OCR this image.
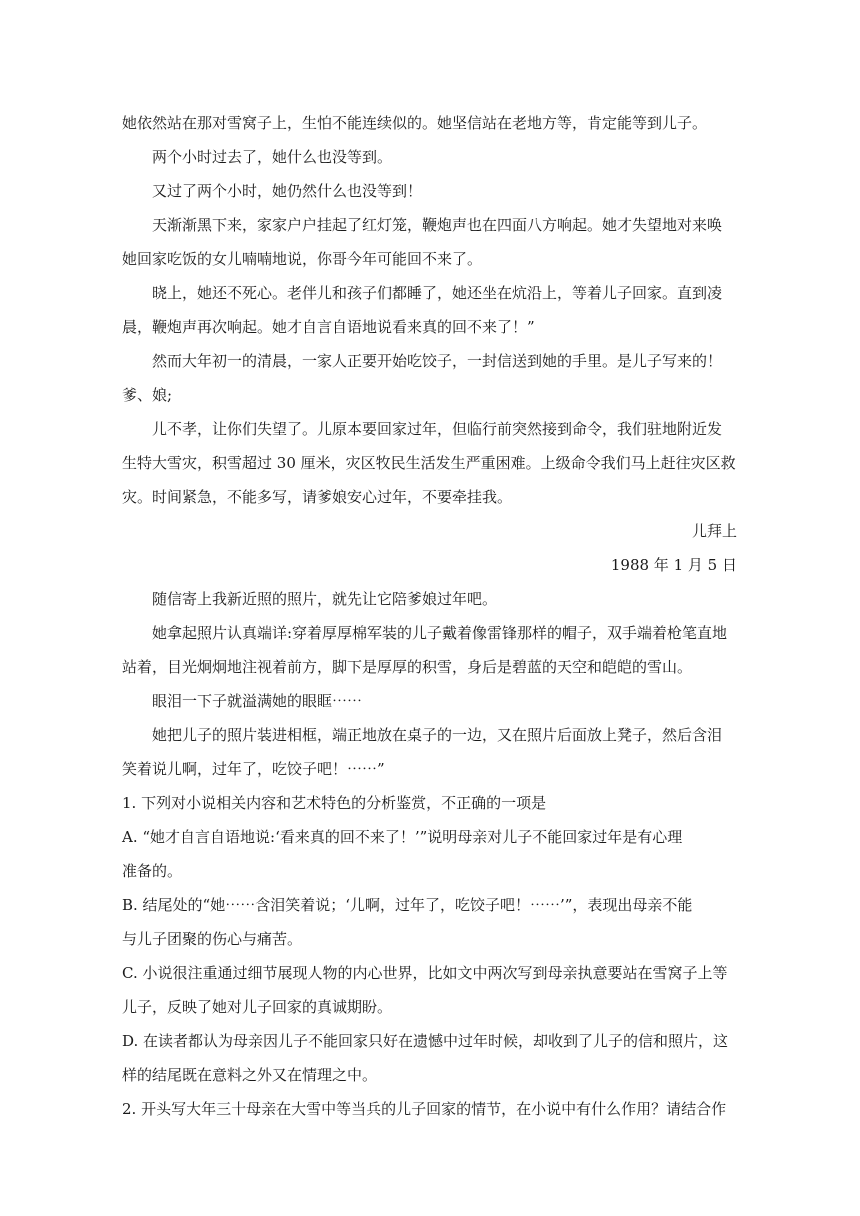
她依然站在那对雪窝子上，生怕不能连续似的。她坚信站在老地方等，肯定能等到儿子。
两个小时过去了，她什么也没等到。
又过了两个小时，她仍然什么也没等到！
天渐渐黑下来，家家户户挂起了红灯笼，鞭炮声也在四面八方响起。她才失望地对来唤
她回家吃饭的女儿喃喃地说，你哥今年可能回不来了。
晓上，她还不死心。老伴儿和孩子们都睡了，她还坐在炕沿上，等着儿子回家。直到凌
晨，鞭炮声再次响起。她才自言自语地说看来真的回不来了！”
然而大年初一的清晨，一家人正要开始吃饺子，一封信送到她的手里。是儿子写来的！
爹、娘;
儿不孝，让你们失望了。儿原本要回家过年，但临行前突然接到命令，我们驻地附近发
生特大雪灾，积雪超过 30 厘米，灾区牧民生活发生严重困难。上级命令我们马上赶往灾区救
灾。时间紧急，不能多写，请爹娘安心过年，不要牵挂我。
儿拜上
1988 年 1 月 5 日
随信寄上我新近照的照片，就先让它陪爹娘过年吧。
她拿起照片认真端详:穿着厚厚棉军装的儿子戴着像雷锋那样的帽子，双手端着枪笔直地
站着，目光炯炯地注视着前方，脚下是厚厚的积雪，身后是碧蓝的天空和皑皑的雪山。
眼泪一下子就溢满她的眼眶⋯⋯
她把儿子的照片装进相框，端正地放在桌子的一边，又在照片后面放上凳子，然后含泪
笑着说儿啊，过年了，吃饺子吧！⋯⋯”
1. 下列对小说相关内容和艺术特色的分析鉴赏，不正确的一项是
A. “她才自言自语地说:‘看来真的回不来了！’”说明母亲对儿子不能回家过年是有心理
准备的。
B. 结尾处的“她⋯⋯含泪笑着说；‘儿啊，过年了，吃饺子吧！⋯⋯’”，表现出母亲不能
与儿子团聚的伤心与痛苦。
C. 小说很注重通过细节展现人物的内心世界，比如文中两次写到母亲执意要站在雪窝子上等
儿子，反映了她对儿子回家的真诚期盼。
D. 在读者都认为母亲因儿子不能回家只好在遗憾中过年时候，却收到了儿子的信和照片，这
样的结尾既在意料之外又在情理之中。
2. 开头写大年三十母亲在大雪中等当兵的儿子回家的情节，在小说中有什么作用？请结合作
